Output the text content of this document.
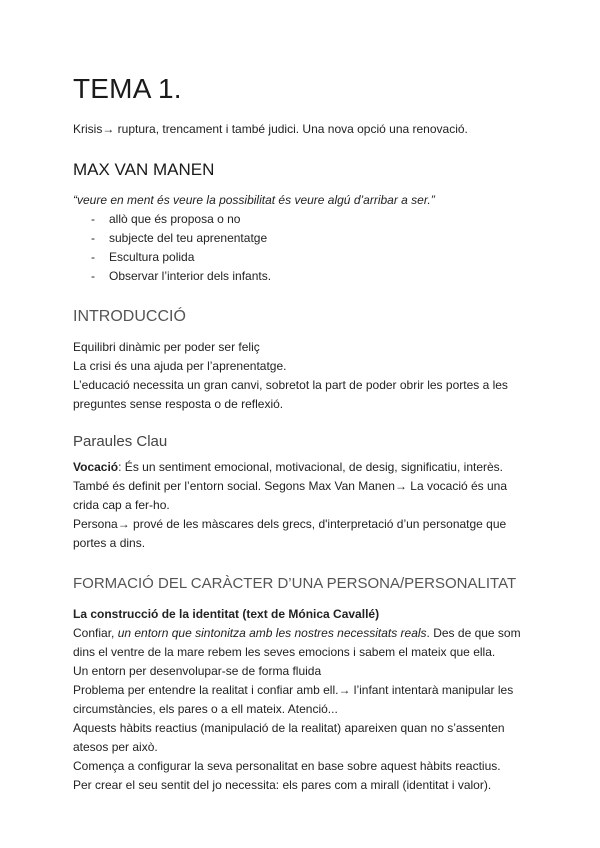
TEMA 1.

Krisis→ ruptura, trencament i també judici. Una nova opció una renovació.

MAX VAN MANEN

“veure en ment és veure la possibilitat és veure algú d’arribar a ser.”

- allò que és proposa o no
- subjecte del teu aprenentatge
- Escultura polida
- Observar l’interior dels infants.
INTRODUCCIÓ

Equilibri dinàmic per poder ser feliç

La crisi és una ajuda per l’aprenentatge.

L’educació necessita un gran canvi, sobretot la part de poder obrir les portes a les preguntes sense resposta o de reflexió.

Paraules Clau

Vocació: És un sentiment emocional, motivacional, de desig, significatiu, interès. També és definit per l’entorn social. Segons Max Van Manen→ La vocació és una crida cap a fer-ho.

Persona→ prové de les màscares dels grecs, d'interpretació d’un personatge que portes a dins.

FORMACIÓ DEL CARÀCTER D’UNA PERSONA/PERSONALITAT

La construcció de la identitat (text de Mónica Cavallé)

Confiar, un entorn que sintonitza amb les nostres necessitats reals. Des de que som dins el ventre de la mare rebem les seves emocions i sabem el mateix que ella.

Un entorn per desenvolupar-se de forma fluida

Problema per entendre la realitat i confiar amb ell.→ l’infant intentarà manipular les circumstàncies, els pares o a ell mateix. Atenció...

Aquests hàbits reactius (manipulació de la realitat) apareixen quan no s’assenten atesos per això.

Comença a configurar la seva personalitat en base sobre aquest hàbits reactius.

Per crear el seu sentit del jo necessita: els pares com a mirall (identitat i valor).
